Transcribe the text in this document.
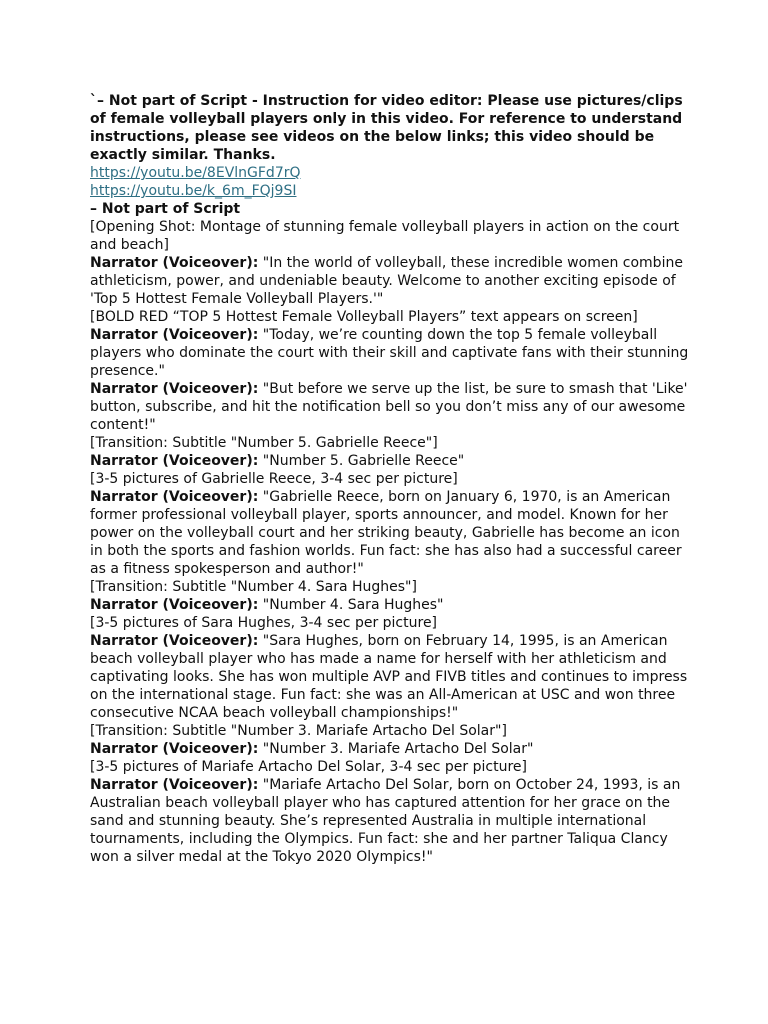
`– Not part of Script - Instruction for video editor: Please use pictures/clips of female volleyball players only in this video. For reference to understand instructions, please see videos on the below links; this video should be exactly similar. Thanks.

https://youtu.be/8EVlnGFd7rQ
https://youtu.be/k_6m_FQj9SI

– Not part of Script

[Opening Shot: Montage of stunning female volleyball players in action on the court and beach]

Narrator (Voiceover): "In the world of volleyball, these incredible women combine athleticism, power, and undeniable beauty. Welcome to another exciting episode of 'Top 5 Hottest Female Volleyball Players.'"

[BOLD RED “TOP 5 Hottest Female Volleyball Players” text appears on screen]

Narrator (Voiceover): "Today, we’re counting down the top 5 female volleyball players who dominate the court with their skill and captivate fans with their stunning presence."

Narrator (Voiceover): "But before we serve up the list, be sure to smash that 'Like' button, subscribe, and hit the notification bell so you don’t miss any of our awesome content!"

[Transition: Subtitle "Number 5. Gabrielle Reece"]

Narrator (Voiceover): "Number 5. Gabrielle Reece"

[3-5 pictures of Gabrielle Reece, 3-4 sec per picture]

Narrator (Voiceover): "Gabrielle Reece, born on January 6, 1970, is an American former professional volleyball player, sports announcer, and model. Known for her power on the volleyball court and her striking beauty, Gabrielle has become an icon in both the sports and fashion worlds. Fun fact: she has also had a successful career as a fitness spokesperson and author!"

[Transition: Subtitle "Number 4. Sara Hughes"]

Narrator (Voiceover): "Number 4. Sara Hughes"

[3-5 pictures of Sara Hughes, 3-4 sec per picture]

Narrator (Voiceover): "Sara Hughes, born on February 14, 1995, is an American beach volleyball player who has made a name for herself with her athleticism and captivating looks. She has won multiple AVP and FIVB titles and continues to impress on the international stage. Fun fact: she was an All-American at USC and won three consecutive NCAA beach volleyball championships!"

[Transition: Subtitle "Number 3. Mariafe Artacho Del Solar"]

Narrator (Voiceover): "Number 3. Mariafe Artacho Del Solar"

[3-5 pictures of Mariafe Artacho Del Solar, 3-4 sec per picture]

Narrator (Voiceover): "Mariafe Artacho Del Solar, born on October 24, 1993, is an Australian beach volleyball player who has captured attention for her grace on the sand and stunning beauty. She’s represented Australia in multiple international tournaments, including the Olympics. Fun fact: she and her partner Taliqua Clancy won a silver medal at the Tokyo 2020 Olympics!"
